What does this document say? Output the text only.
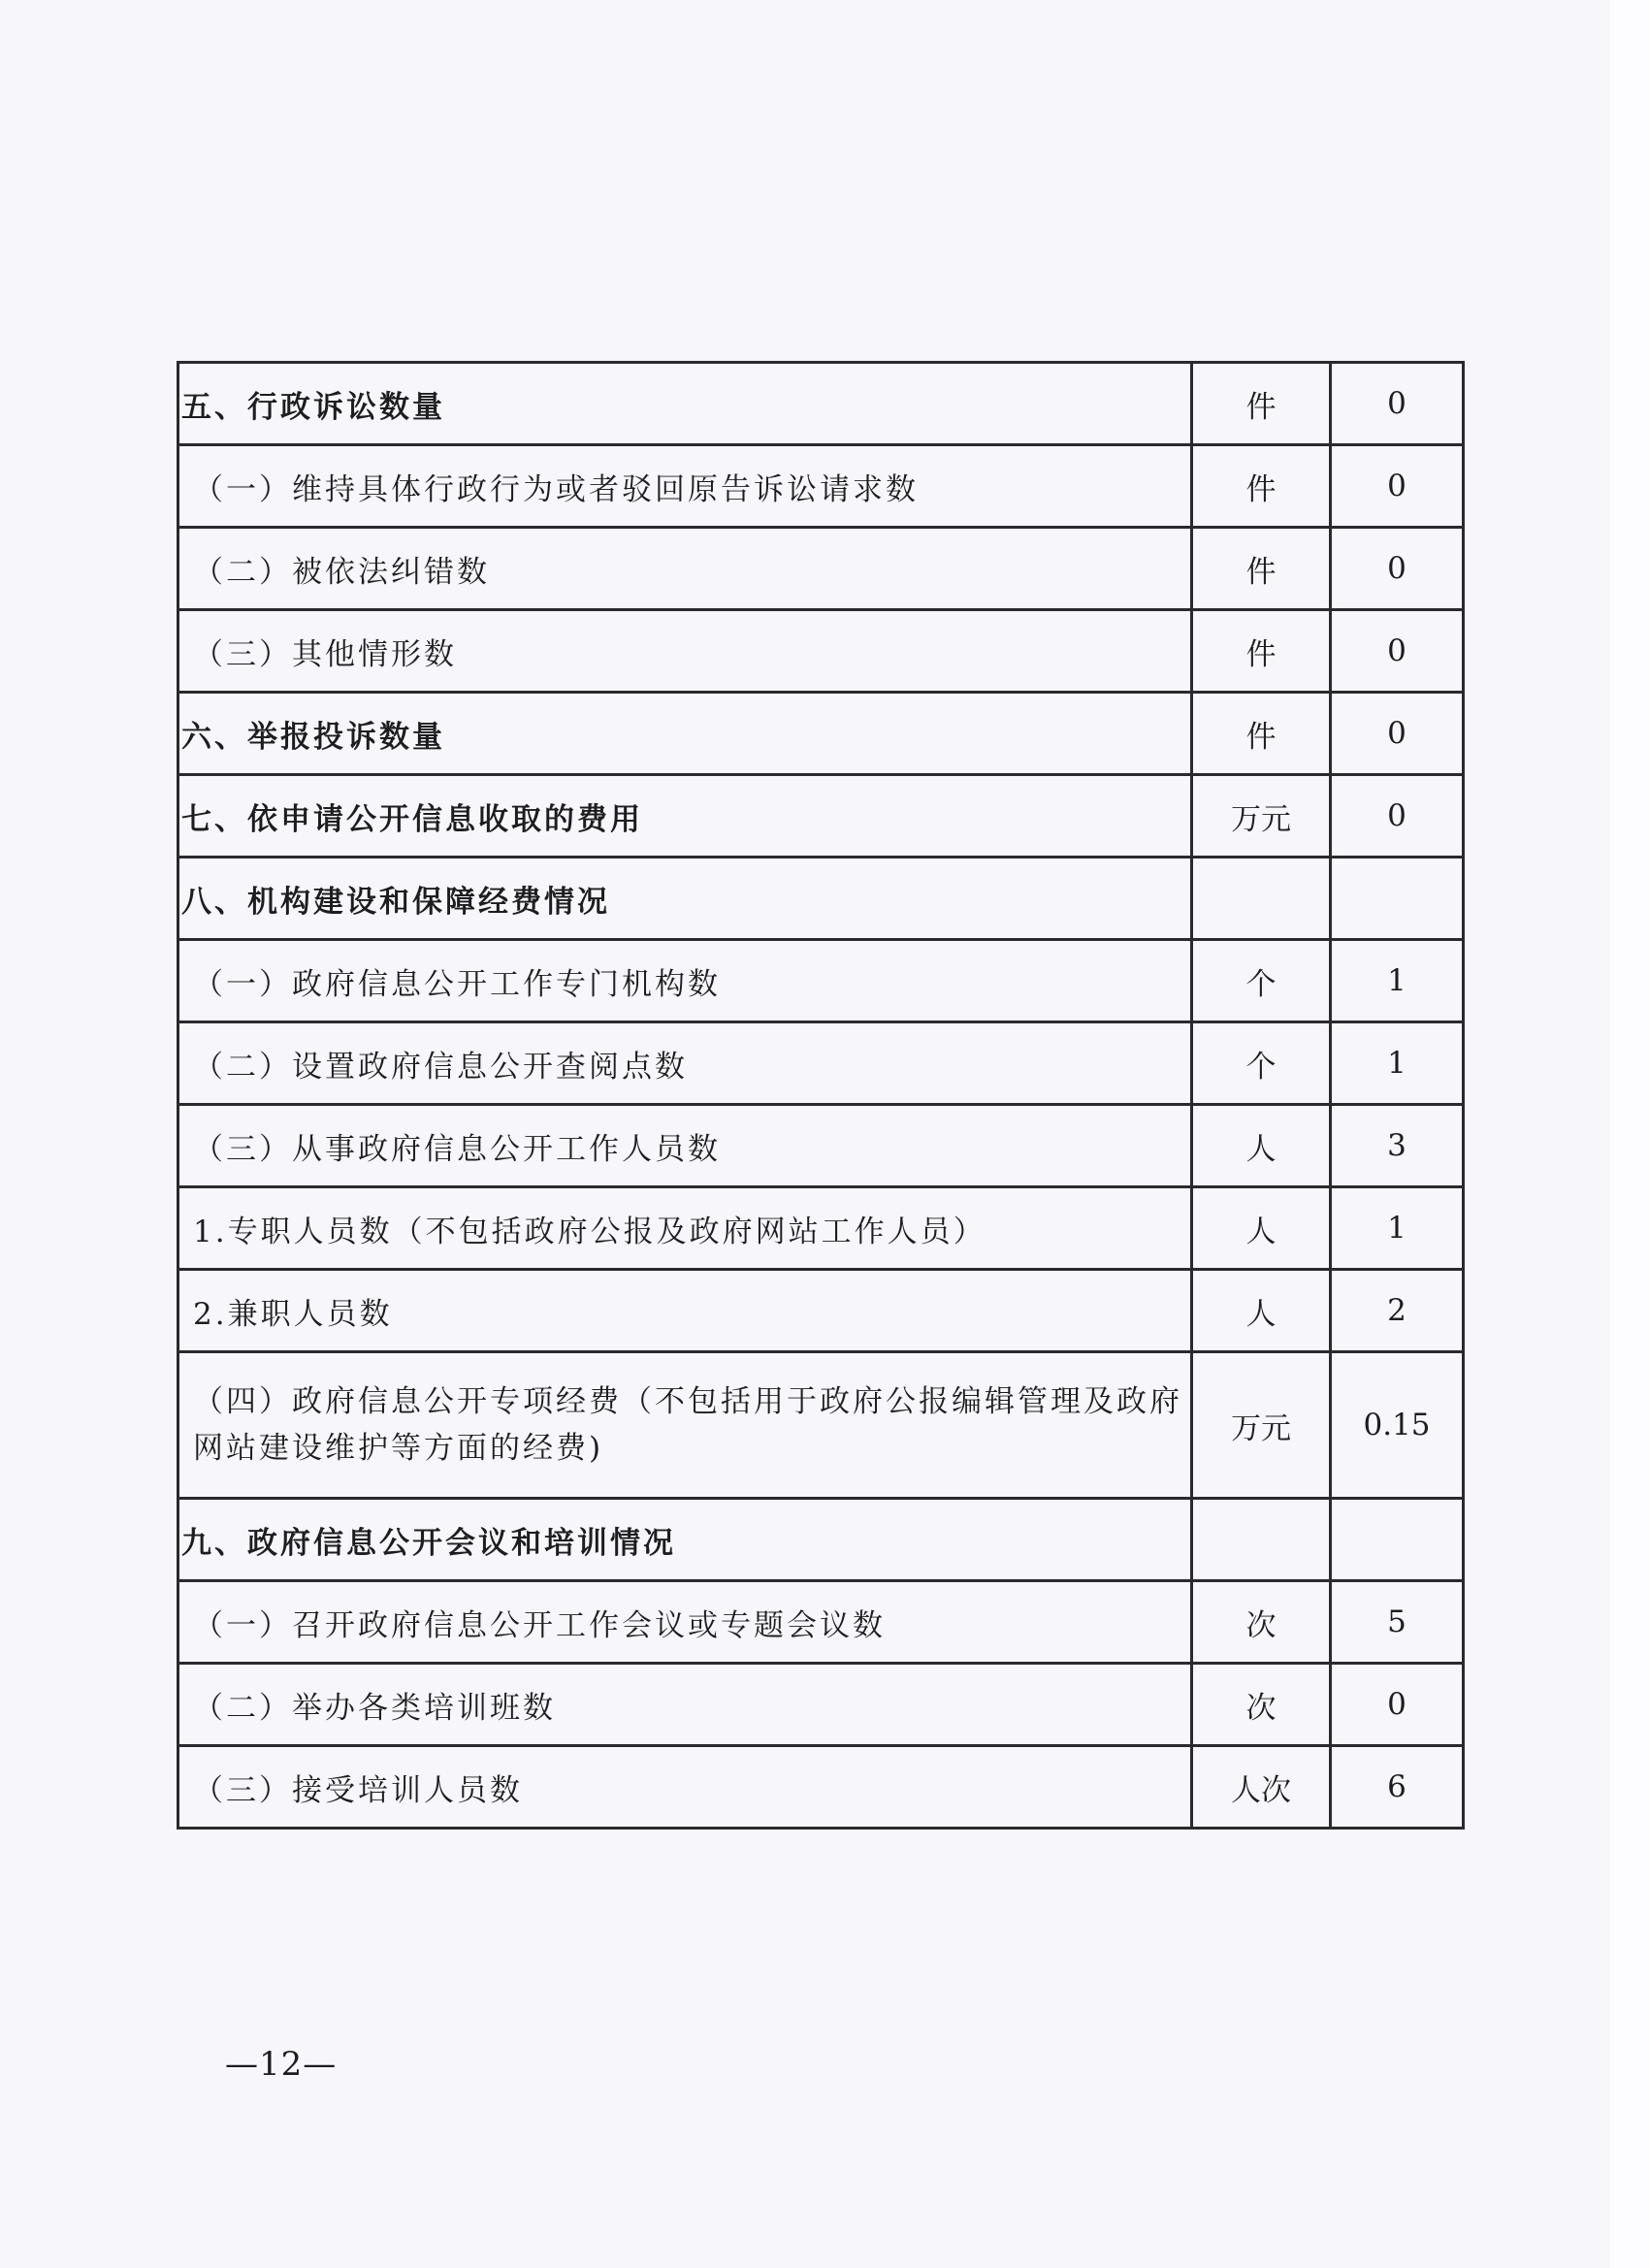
五、行政诉讼数量	件	0
（一）维持具体行政行为或者驳回原告诉讼请求数	件	0
（二）被依法纠错数	件	0
（三）其他情形数	件	0
六、举报投诉数量	件	0
七、依申请公开信息收取的费用	万元	0
八、机构建设和保障经费情况		
（一）政府信息公开工作专门机构数	个	1
（二）设置政府信息公开查阅点数	个	1
（三）从事政府信息公开工作人员数	人	3
1.专职人员数（不包括政府公报及政府网站工作人员）	人	1
2.兼职人员数	人	2
（四）政府信息公开专项经费（不包括用于政府公报编辑管理及政府网站建设维护等方面的经费)	万元	0.15
九、政府信息公开会议和培训情况		
（一）召开政府信息公开工作会议或专题会议数	次	5
（二）举办各类培训班数	次	0
（三）接受培训人员数	人次	6
—12—
